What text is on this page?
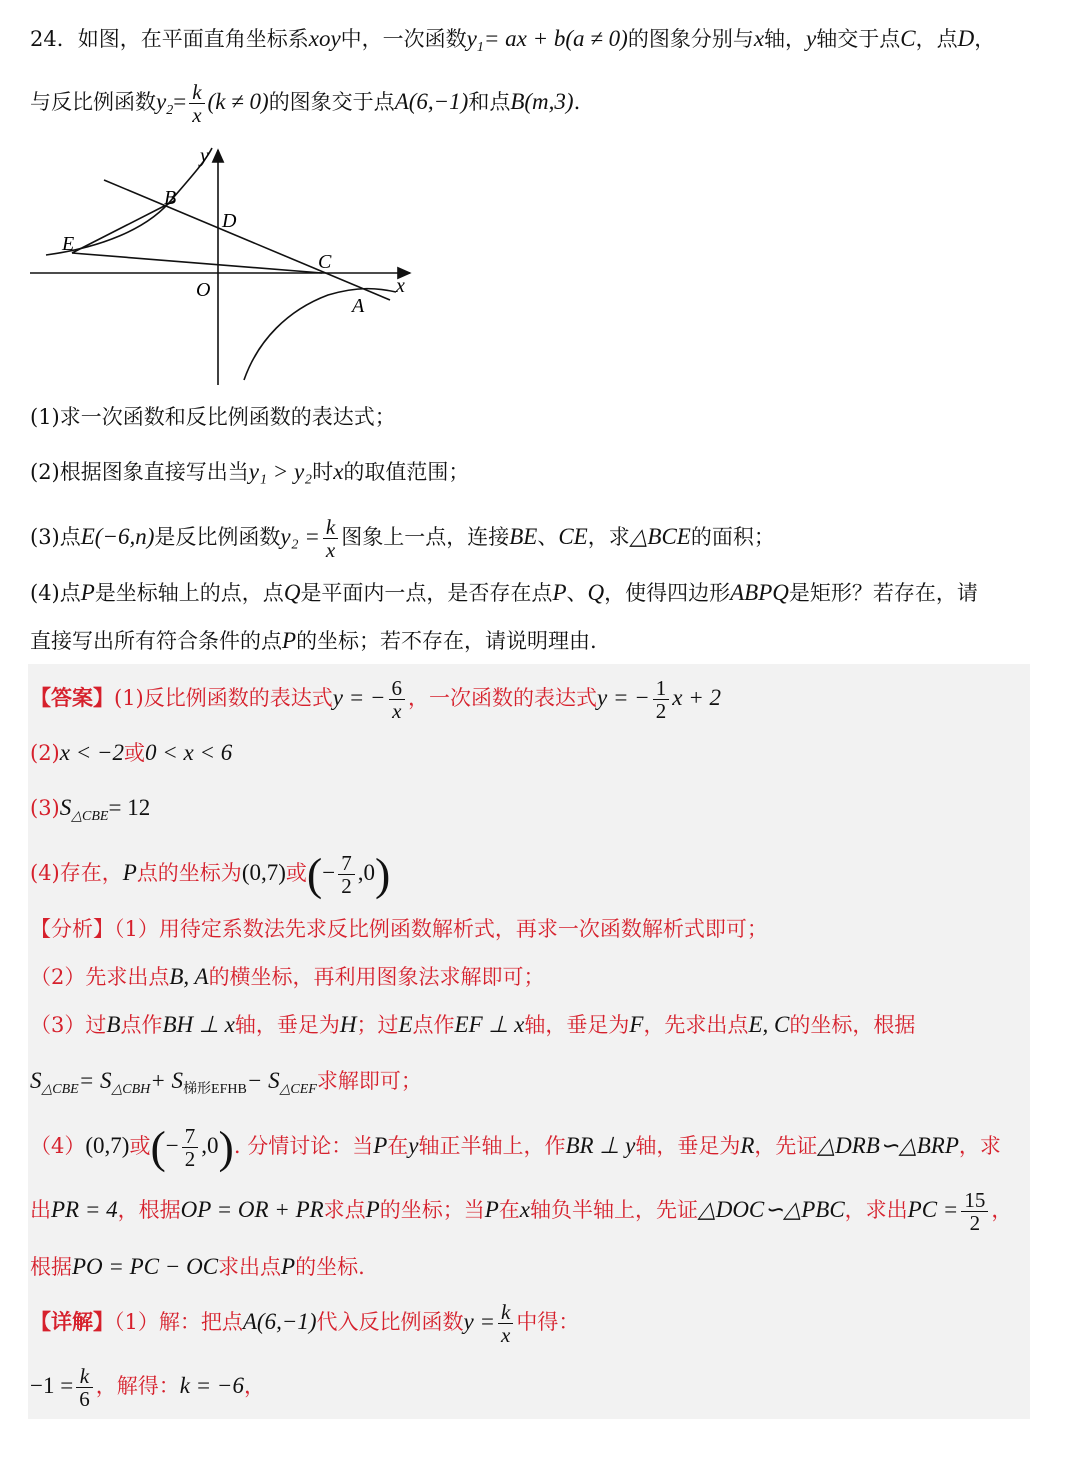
24．如图，在平面直角坐标系xoy中，一次函数$y_1=$ ax + b(a ≠ 0)的图象分别与x轴，y轴交于点C，点D，
与反比例函数$y_2= \frac{k}{x} (k \ne 0)$的图象交于点A(6,−1)和点B(m,3).
y
x
O
B
D
E
C
A
(1)求一次函数和反比例函数的表达式；
(2)根据图象直接写出当y₁ > y₂时x的取值范围；
(3)点E(−6,n)是反比例函数$y_2 = \frac{k}{x}$ 图象上一点，连接BE、CE，求△BCE的面积；
(4)点P是坐标轴上的点，点Q是平面内一点，是否存在点P、Q，使得四边形ABPQ是矩形？若存在，请
直接写出所有符合条件的点P的坐标；若不存在，请说明理由.
【答案】(1)反比例函数的表达式y = − $\frac{6}{x}$ ，一次函数的表达式y = − $\frac{1}{2}$ x + 2
(2)x < −2或0 < x < 6
$(3)S_{\triangle CBE}= 12$
(4)存在，P点的坐标为(0,7)或(− $\frac{7}{2} ,0$)
【分析】（1）用待定系数法先求反比例函数解析式，再求一次函数解析式即可；
（2）先求出点B, A的横坐标，再利用图象法求解即可；
（3）过B点作BH ⊥ x轴，垂足为H；过E点作EF ⊥ x轴，垂足为F，先求出点E, C的坐标，根据
$S_{\triangle CBE}= S_{\triangle CBH}+ S_{梯形EFHB}- S_{\triangle CEF}$求解即可；
（4）(0,7)或(− $\frac{7}{2} ,0$). 分情讨论：当P在y轴正半轴上，作BR ⊥ y轴，垂足为R，先证△DRB∽△BRP，求
出PR = 4，根据OP = OR + PR求点P的坐标；当P在x轴负半轴上，先证△DOC∽△PBC，求出PC = $\frac{15}{2}$ ，
根据PO = PC − OC求出点P的坐标.
【详解】（1）解：把点A(6,−1)代入反比例函数$y = \frac{k}{x}$ 中得：
$-1 = \frac{k}{6}$ ，解得：k = −6，
